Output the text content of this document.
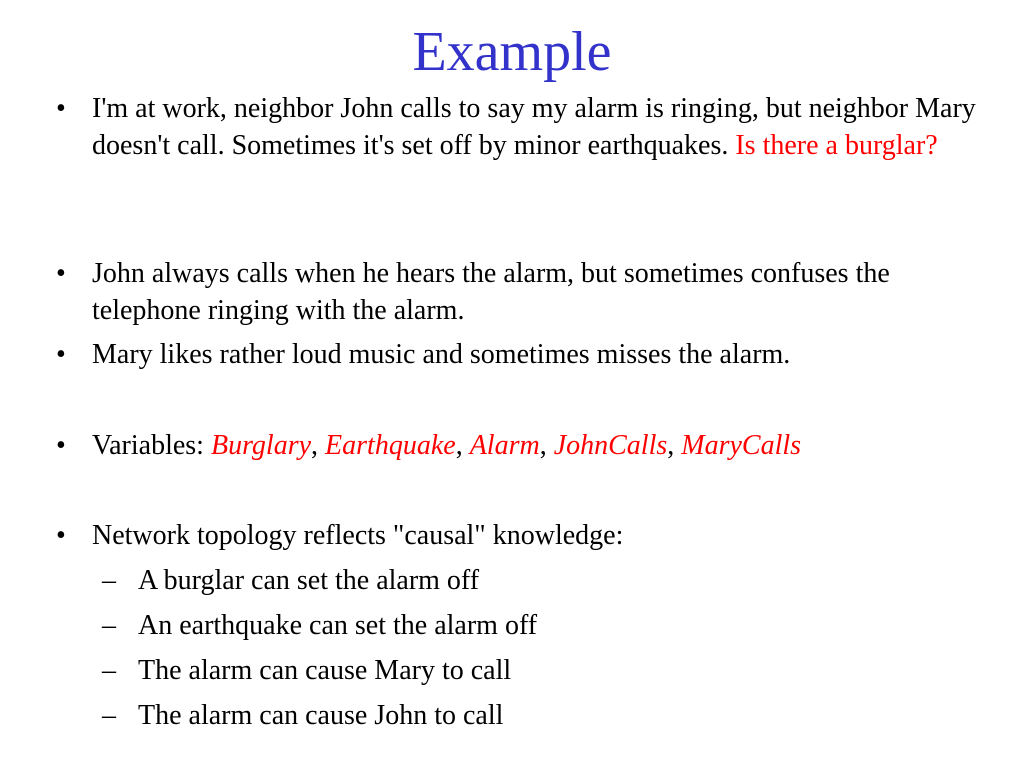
Example
• I'm at work, neighbor John calls to say my alarm is ringing, but neighbor Mary doesn't call. Sometimes it's set off by minor earthquakes. Is there a burglar?
• John always calls when he hears the alarm, but sometimes confuses the telephone ringing with the alarm.
• Mary likes rather loud music and sometimes misses the alarm.
• Variables: Burglary, Earthquake, Alarm, JohnCalls, MaryCalls
• Network topology reflects "causal" knowledge:
– A burglar can set the alarm off
– An earthquake can set the alarm off
– The alarm can cause Mary to call
– The alarm can cause John to call
